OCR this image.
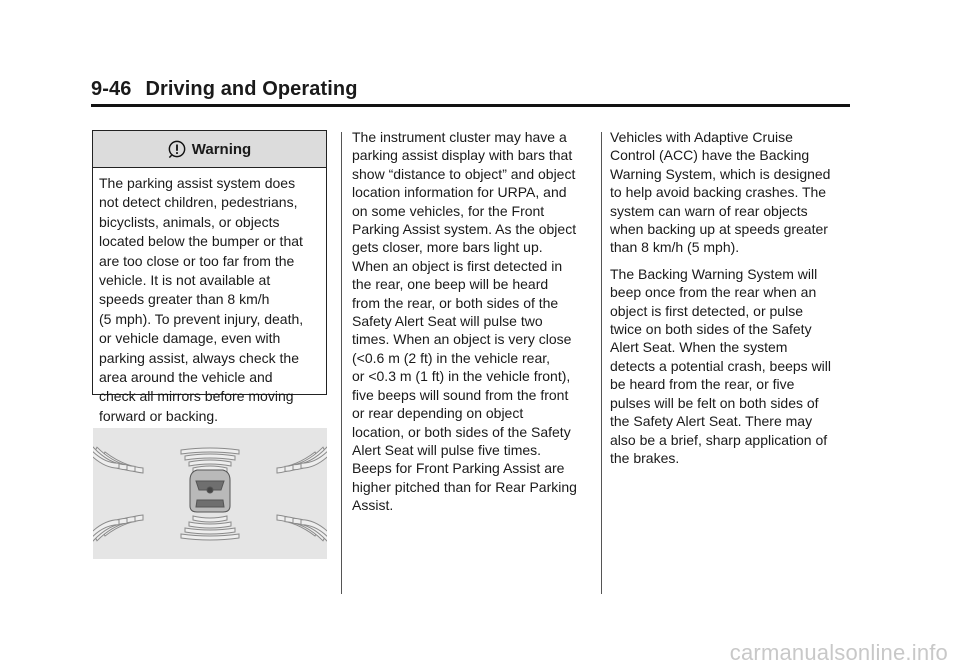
9-46 Driving and Operating
Warning
The parking assist system does
not detect children, pedestrians,
bicyclists, animals, or objects
located below the bumper or that
are too close or too far from the
vehicle. It is not available at
speeds greater than 8 km/h
(5 mph). To prevent injury, death,
or vehicle damage, even with
parking assist, always check the
area around the vehicle and
check all mirrors before moving
forward or backing.

The instrument cluster may have a
parking assist display with bars that
show “distance to object” and object
location information for URPA, and
on some vehicles, for the Front
Parking Assist system. As the object
gets closer, more bars light up.
When an object is first detected in
the rear, one beep will be heard
from the rear, or both sides of the
Safety Alert Seat will pulse two
times. When an object is very close
(<0.6 m (2 ft) in the vehicle rear,
or <0.3 m (1 ft) in the vehicle front),
five beeps will sound from the front
or rear depending on object
location, or both sides of the Safety
Alert Seat will pulse five times.
Beeps for Front Parking Assist are
higher pitched than for Rear Parking
Assist.

Vehicles with Adaptive Cruise
Control (ACC) have the Backing
Warning System, which is designed
to help avoid backing crashes. The
system can warn of rear objects
when backing up at speeds greater
than 8 km/h (5 mph).

The Backing Warning System will
beep once from the rear when an
object is first detected, or pulse
twice on both sides of the Safety
Alert Seat. When the system
detects a potential crash, beeps will
be heard from the rear, or five
pulses will be felt on both sides of
the Safety Alert Seat. There may
also be a brief, sharp application of
the brakes.

carmanualsonline.info
